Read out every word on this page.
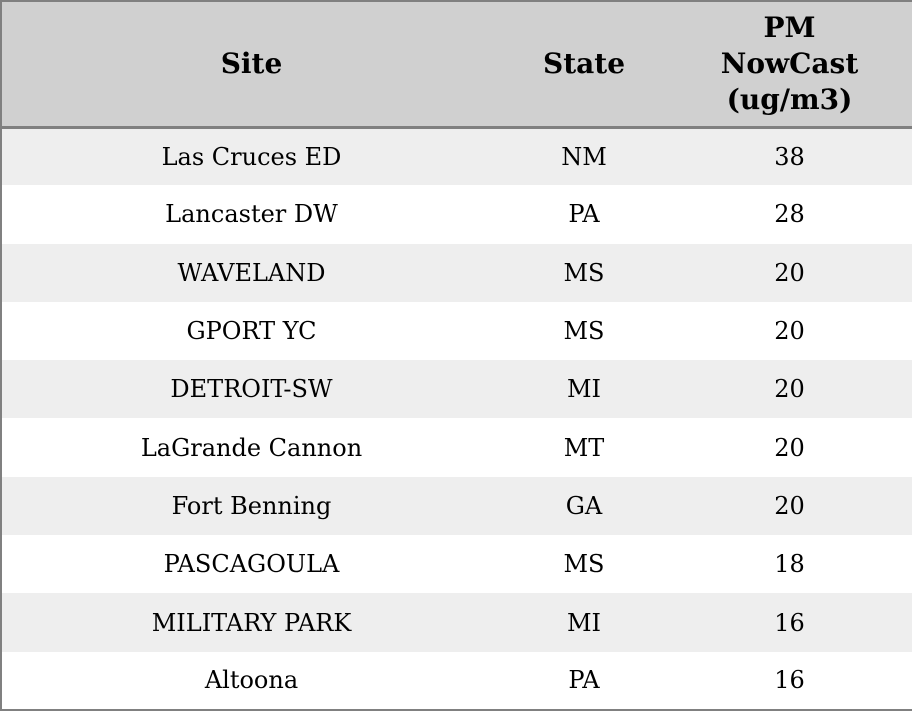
Site	State	PM NowCast (ug/m3)
Las Cruces ED	NM	38
Lancaster DW	PA	28
WAVELAND	MS	20
GPORT YC	MS	20
DETROIT-SW	MI	20
LaGrande Cannon	MT	20
Fort Benning	GA	20
PASCAGOULA	MS	18
MILITARY PARK	MI	16
Altoona	PA	16
